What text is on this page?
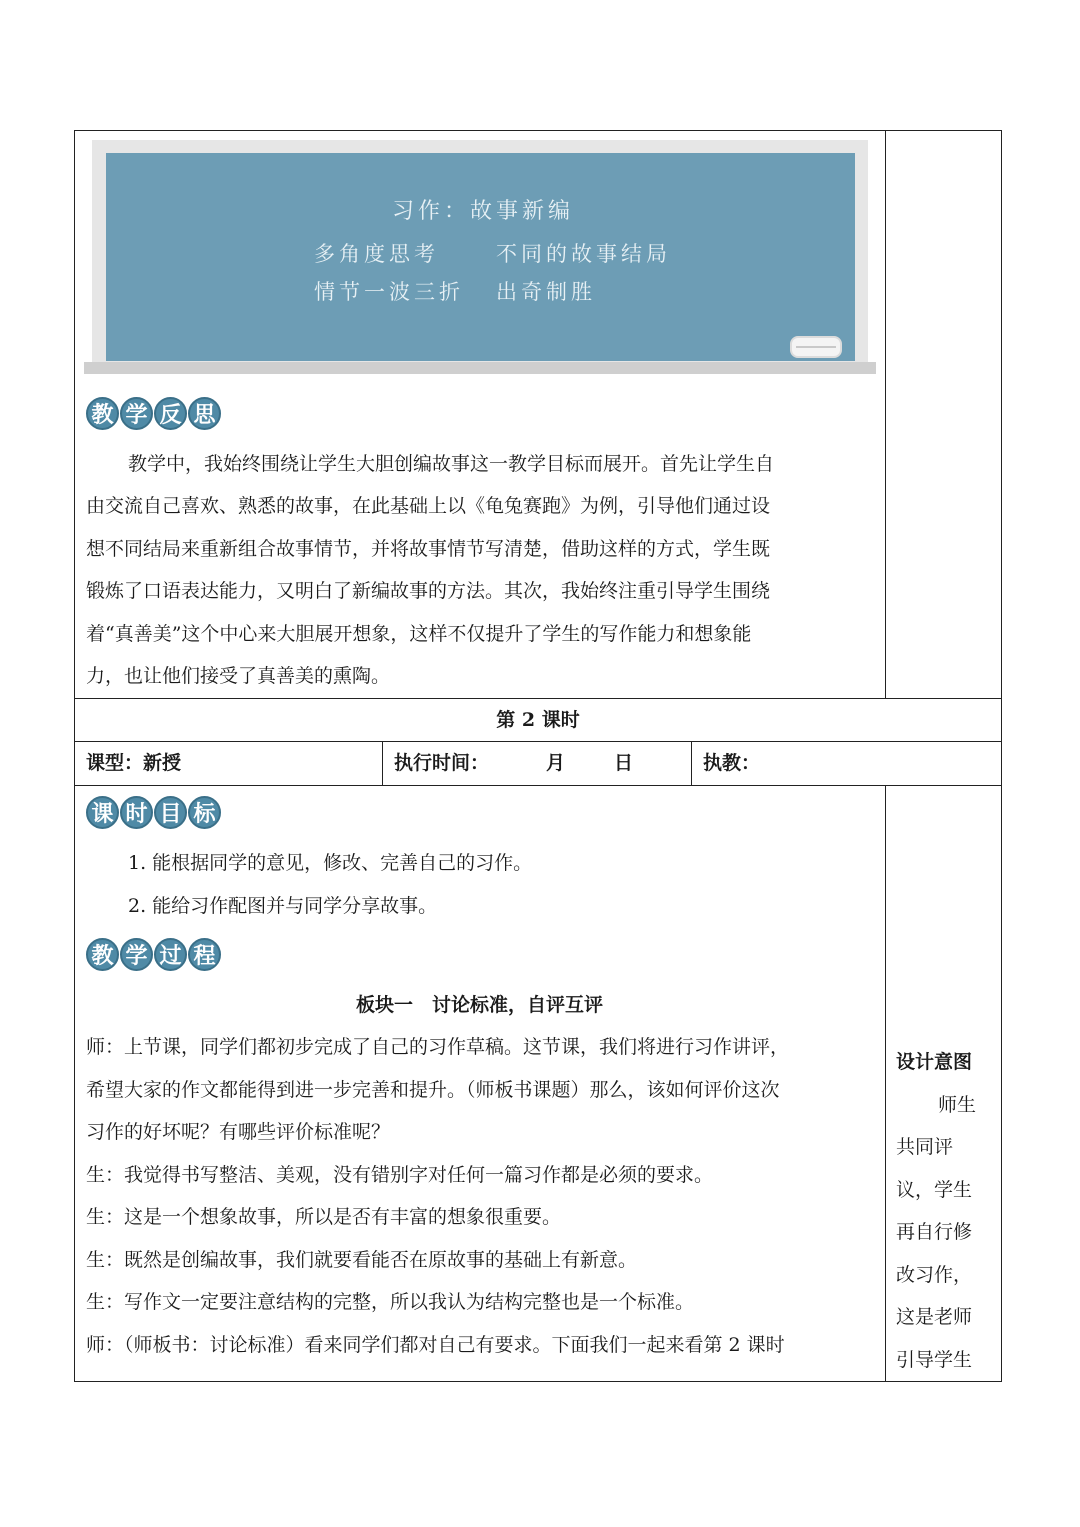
习作：故事新编
多角度思考	不同的故事结局
情节一波三折 出奇制胜
教 学 反 思
教学中，我始终围绕让学生大胆创编故事这一教学目标而展开。首先让学生自
由交流自己喜欢、熟悉的故事，在此基础上以《龟兔赛跑》为例，引导他们通过设
想不同结局来重新组合故事情节，并将故事情节写清楚，借助这样的方式，学生既
锻炼了口语表达能力，又明白了新编故事的方法。其次，我始终注重引导学生围绕
着“真善美”这个中心来大胆展开想象，这样不仅提升了学生的写作能力和想象能
力，也让他们接受了真善美的熏陶。
第 2 课时
课型：新授	执行时间：	月	日	执教：
课 时 目 标
1. 能根据同学的意见，修改、完善自己的习作。
2. 能给习作配图并与同学分享故事。
教 学 过 程
板块一　讨论标准，自评互评
师：上节课，同学们都初步完成了自己的习作草稿。这节课，我们将进行习作讲评，
希望大家的作文都能得到进一步完善和提升。（师板书课题）那么，该如何评价这次
习作的好坏呢？有哪些评价标准呢？
生：我觉得书写整洁、美观，没有错别字对任何一篇习作都是必须的要求。
生：这是一个想象故事，所以是否有丰富的想象很重要。
生：既然是创编故事，我们就要看能否在原故事的基础上有新意。
生：写作文一定要注意结构的完整，所以我认为结构完整也是一个标准。
师：（师板书：讨论标准）看来同学们都对自己有要求。下面我们一起来看第 2 课时
设计意图
师生
共同评
议，学生
再自行修
改习作，
这是老师
引导学生
